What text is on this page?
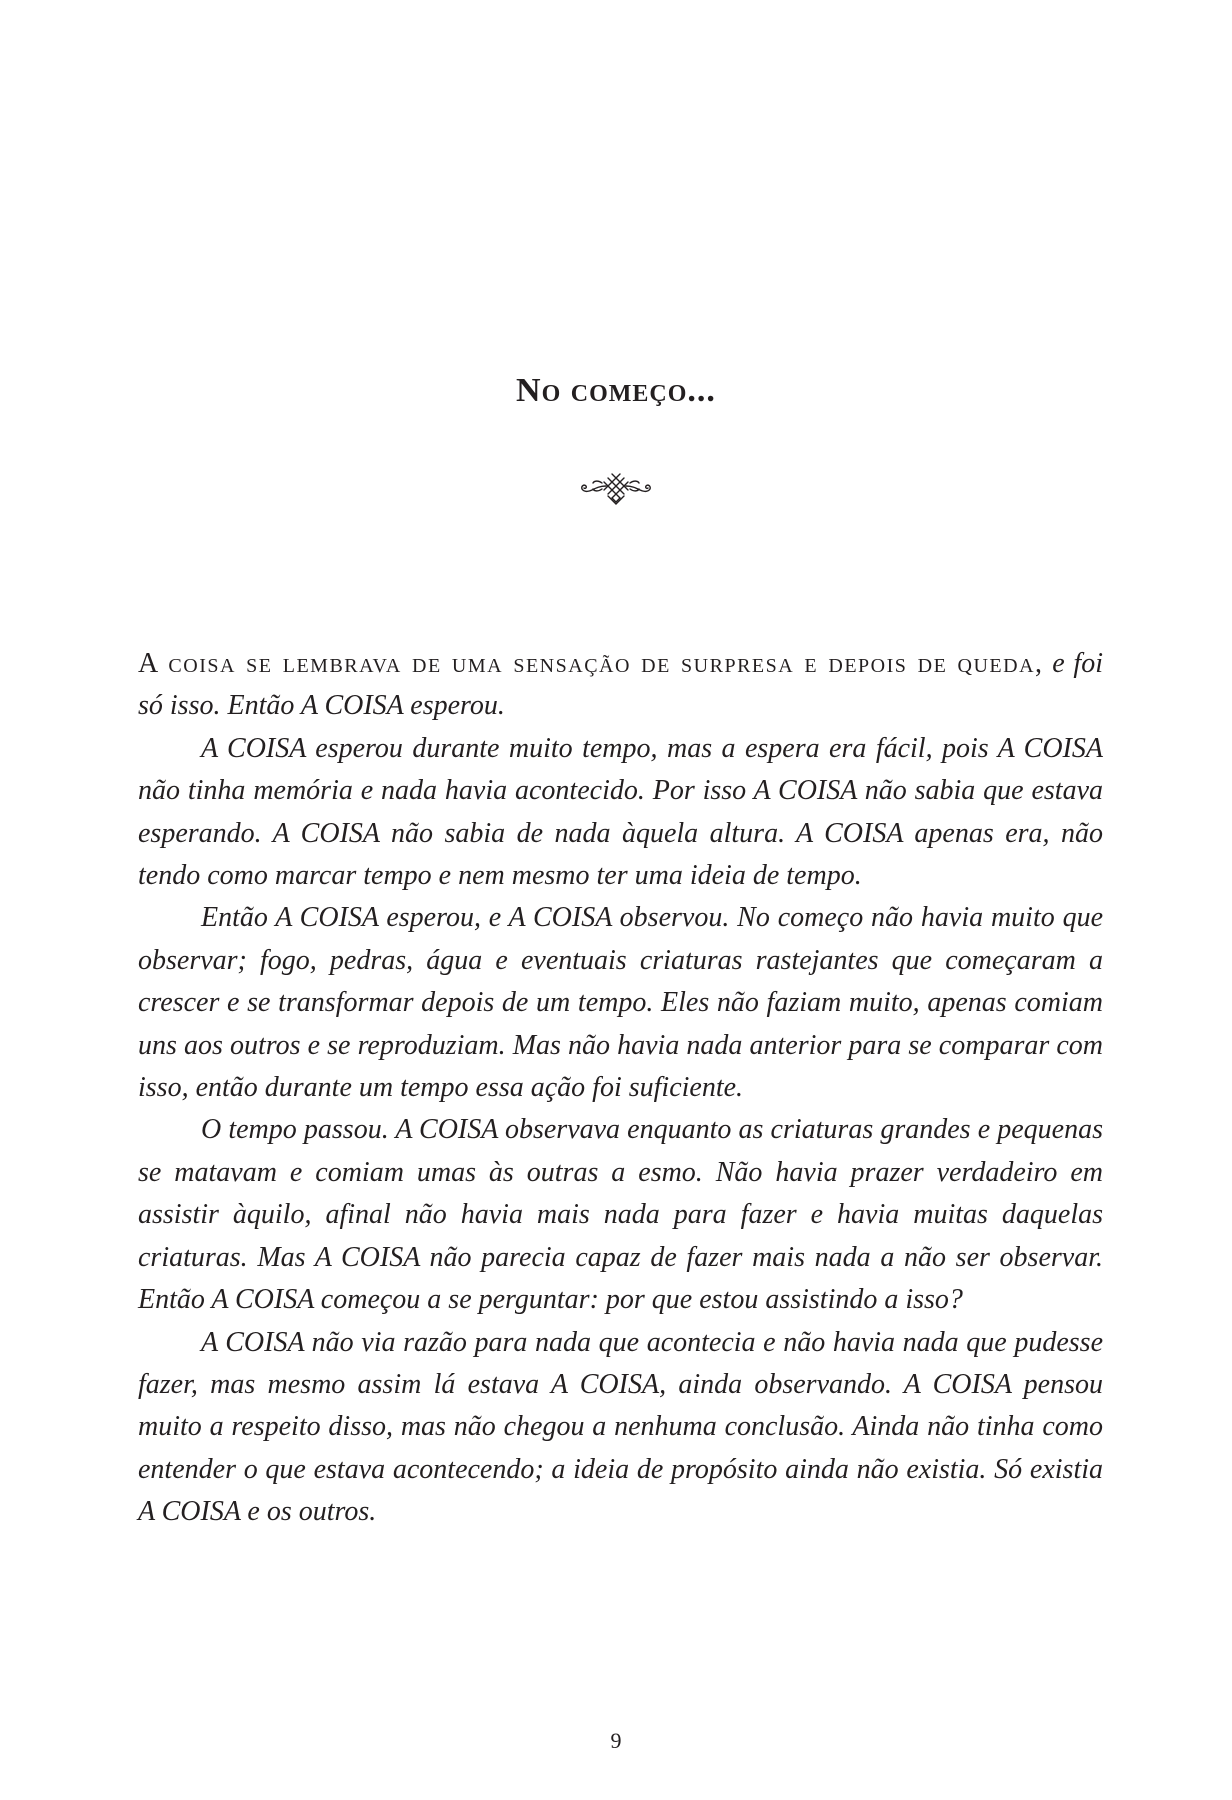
No começo...

A coisa se lembrava de uma sensação de surpresa e depois de queda, e foi só isso. Então A COISA esperou.

A COISA esperou durante muito tempo, mas a espera era fácil, pois A COISA não tinha memória e nada havia acontecido. Por isso A COISA não sabia que estava esperando. A COISA não sabia de nada àquela altura. A COISA apenas era, não tendo como marcar tempo e nem mesmo ter uma ideia de tempo.

Então A COISA esperou, e A COISA observou. No começo não havia muito que observar; fogo, pedras, água e eventuais criaturas rastejantes que começaram a crescer e se transformar depois de um tempo. Eles não faziam muito, apenas comiam uns aos outros e se reproduziam. Mas não havia nada anterior para se comparar com isso, então durante um tempo essa ação foi suficiente.

O tempo passou. A COISA observava enquanto as criaturas grandes e pequenas se matavam e comiam umas às outras a esmo. Não havia prazer verdadeiro em assistir àquilo, afinal não havia mais nada para fazer e havia muitas daquelas criaturas. Mas A COISA não parecia capaz de fazer mais nada a não ser observar. Então A COISA começou a se perguntar: por que estou assistindo a isso?

A COISA não via razão para nada que acontecia e não havia nada que pudesse fazer, mas mesmo assim lá estava A COISA, ainda observando. A COISA pensou muito a respeito disso, mas não chegou a nenhuma conclusão. Ainda não tinha como entender o que estava acontecendo; a ideia de propósito ainda não existia. Só existia A COISA e os outros.

9
